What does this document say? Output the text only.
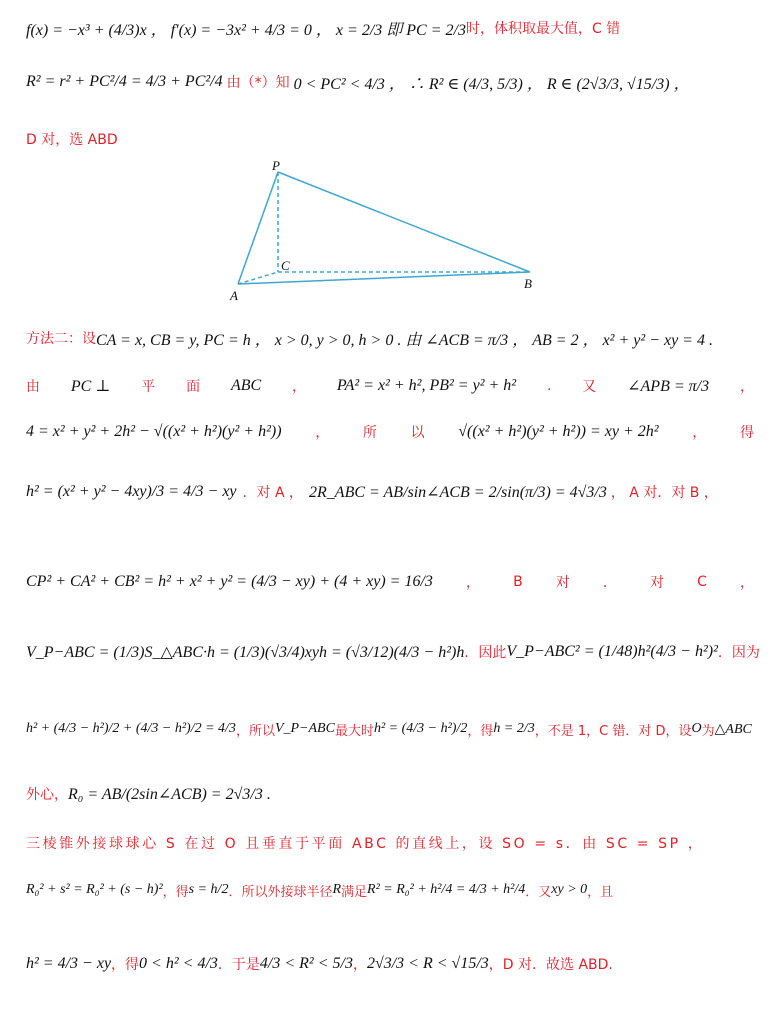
f(x) = −x³ + (4/3)x ， f′(x) = −3x² + 4/3 = 0 ， x = 2/3 即 PC = 2/3 时，体积取最大值，C 错
R² = r² + PC²/4 = 4/3 + PC²/4 由（*）知 0 < PC² < 4/3 ， ∴ R² ∈ (4/3, 5/3) ， R ∈ (2√3/3, √15/3) ，
D 对，选 ABD
P
C
A
B
方法二：设 CA = x, CB = y, PC = h ， x > 0, y > 0, h > 0 . 由 ∠ACB = π/3 ， AB = 2 ， x² + y² − xy = 4 .
由 PC ⊥ 平 面 ABC ， PA² = x² + h², PB² = y² + h² . 又 ∠APB = π/3 ，
4 = x² + y² + 2h² − √((x² + h²)(y² + h²)) ， 所 以 √((x² + h²)(y² + h²)) = xy + 2h² ， 得
h² = (x² + y² − 4xy)/3 = 4/3 − xy ．对 A ， 2R_ABC = AB/sin∠ACB = 2/sin(π/3) = 4√3/3 ， A 对．对 B ，
CP² + CA² + CB² = h² + x² + y² = (4/3 − xy) + (4 + xy) = 16/3 ， B 对 ． 对 C ，
V_P−ABC = (1/3)S_△ABC·h = (1/3)(√3/4)xyh = (√3/12)(4/3 − h²)h ． 因 此 V_P−ABC² = (1/48)h²(4/3 − h²)² ． 因 为
h² + (4/3 − h²)/2 + (4/3 − h²)/2 = 4/3 ，所以 V_P−ABC 最大时 h² = (4/3 − h²)/2 ，得 h = 2/3 ，不是 1，C 错．对 D，设 O 为 △ABC
外心， R₀ = AB/(2sin∠ACB) = 2√3/3 .
三棱锥外接球球心 S 在过 O 且垂直于平面 ABC 的直线上，设 SO = s．由 SC = SP ，
R₀² + s² = R₀² + (s − h)² ，得 s = h/2 ．所以外接球半径 R 满足 R² = R₀² + h²/4 = 4/3 + h²/4 ．又 xy > 0 ，且
h² = 4/3 − xy ，得 0 < h² < 4/3 ．于是 4/3 < R² < 5/3 ， 2√3/3 < R < √15/3 ，D 对．故选 ABD.
